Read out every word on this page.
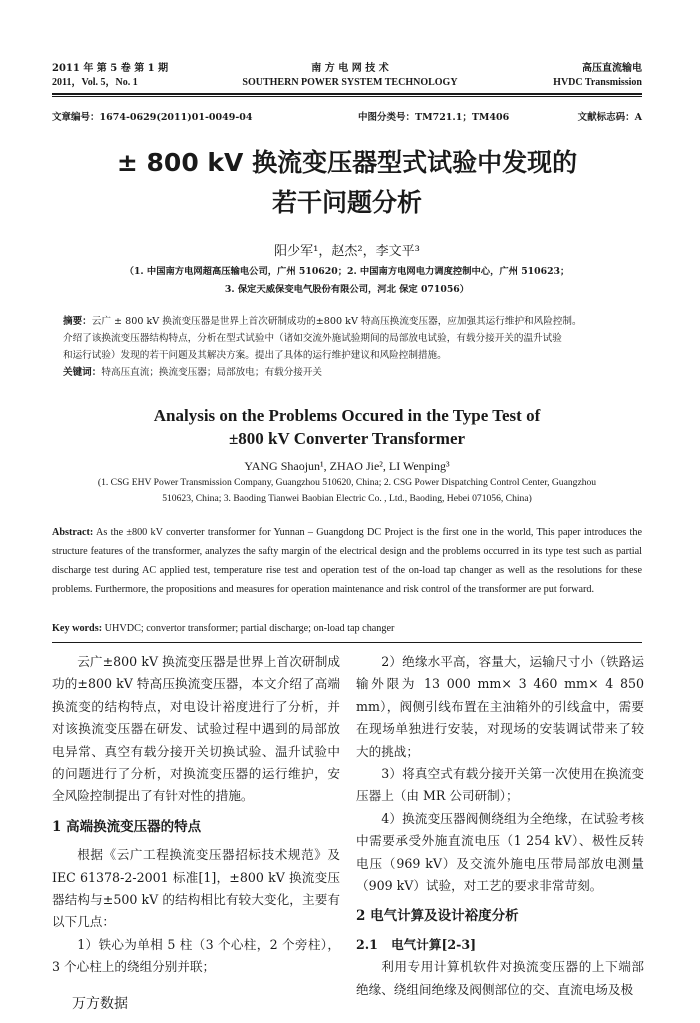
2011 年 第 5 卷 第 1 期
2011，Vol. 5，No. 1
南 方 电 网 技 术
SOUTHERN POWER SYSTEM TECHNOLOGY
高压直流输电
HVDC Transmission
文章编号：1674-0629(2011)01-0049-04	中图分类号：TM721.1；TM406	文献标志码：A
± 800 kV 换流变压器型式试验中发现的
若干问题分析
阳少军¹，赵杰²，李文平³
（1. 中国南方电网超高压输电公司，广州 510620；2. 中国南方电网电力调度控制中心，广州 510623；
3. 保定天威保变电气股份有限公司，河北 保定 071056）
摘要：云广 ± 800 kV 换流变压器是世界上首次研制成功的±800 kV 特高压换流变压器，应加强其运行维护和风险控制。
介绍了该换流变压器结构特点，分析在型式试验中（诸如交流外施试验期间的局部放电试验，有载分接开关的温升试验
和运行试验）发现的若干问题及其解决方案。提出了具体的运行维护建议和风险控制措施。
关键词：特高压直流；换流变压器；局部放电；有载分接开关
Analysis on the Problems Occured in the Type Test of
±800 kV Converter Transformer
YANG Shaojun¹, ZHAO Jie², LI Wenping³
(1. CSG EHV Power Transmission Company, Guangzhou 510620, China; 2. CSG Power Dispatching Control Center, Guangzhou
510623, China; 3. Baoding Tianwei Baobian Electric Co. , Ltd., Baoding, Hebei 071056, China)
Abstract: As the ±800 kV converter transformer for Yunnan – Guangdong DC Project is the first one in the world, This paper introduces the structure features of the transformer, analyzes the safty margin of the electrical design and the problems occurred in its type test such as partial discharge test during AC applied test, temperature rise test and operation test of the on-load tap changer as well as the resolutions for these problems. Furthermore, the propositions and measures for operation maintenance and risk control of the transformer are put forward.
Key words: UHVDC; convertor transformer; partial discharge; on-load tap changer

云广±800 kV 换流变压器是世界上首次研制成功的±800 kV 特高压换流变压器，本文介绍了高端换流变的结构特点，对电设计裕度进行了分析，并对该换流变压器在研发、试验过程中遇到的局部放电异常、真空有载分接开关切换试验、温升试验中的问题进行了分析，对换流变压器的运行维护，安全风险控制提出了有针对性的措施。

1 高端换流变压器的特点

根据《云广工程换流变压器招标技术规范》及 IEC 61378-2-2001 标准[1]，±800 kV 换流变压器结构与±500 kV 的结构相比有较大变化，主要有以下几点：

1）铁心为单相 5 柱（3 个心柱，2 个旁柱），3 个心柱上的绕组分别并联；

2）绝缘水平高，容量大，运输尺寸小（铁路运输外限为 13 000 mm× 3 460 mm× 4 850 mm），阀侧引线布置在主油箱外的引线盒中，需要在现场单独进行安装，对现场的安装调试带来了较大的挑战；

3）将真空式有载分接开关第一次使用在换流变压器上（由 MR 公司研制）；

4）换流变压器阀侧绕组为全绝缘，在试验考核中需要承受外施直流电压（1 254 kV）、极性反转电压（969 kV）及交流外施电压带局部放电测量（909 kV）试验，对工艺的要求非常苛刻。

2 电气计算及设计裕度分析

2.1 电气计算[2-3]

利用专用计算机软件对换流变压器的上下端部绝缘、绕组间绝缘及阀侧部位的交、直流电场及极

万方数据
